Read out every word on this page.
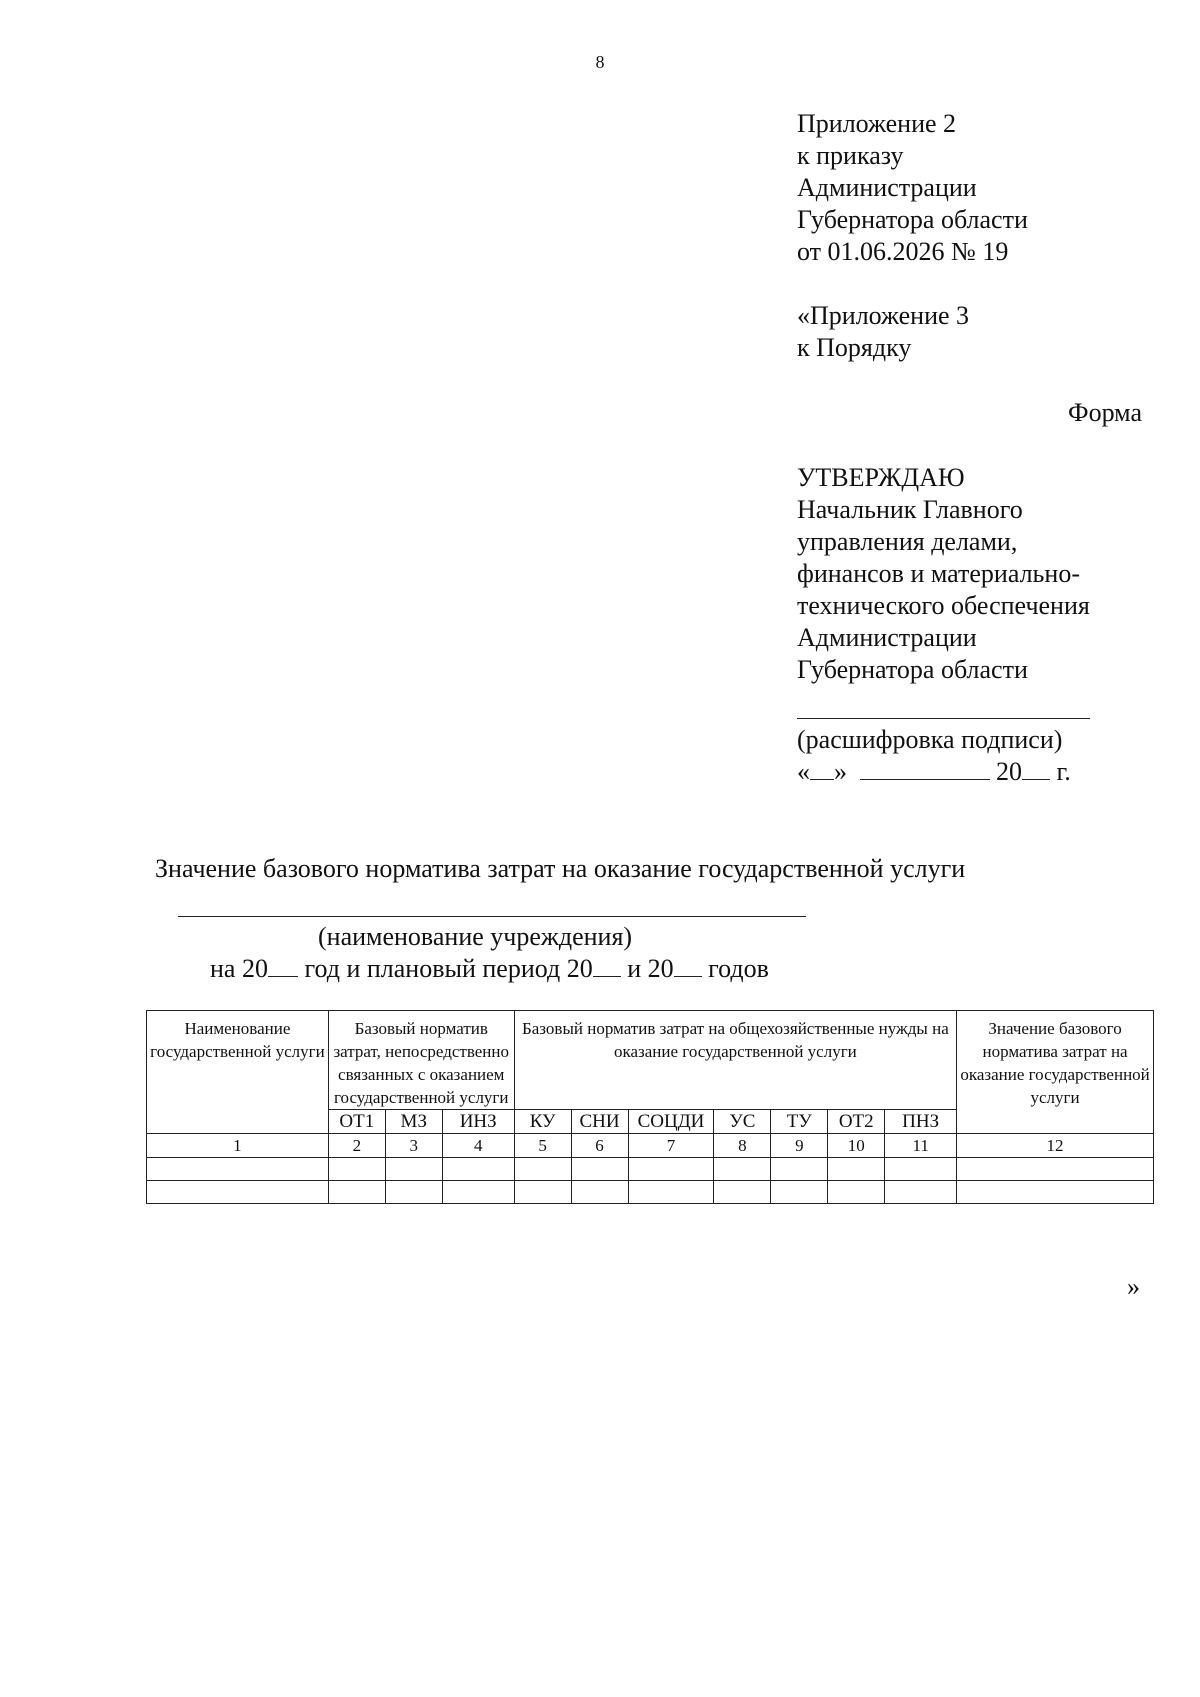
8
Приложение 2
к приказу
Администрации
Губернатора области
от 01.06.2026 № 19
«Приложение 3
к Порядку
Форма
УТВЕРЖДАЮ
Начальник Главного
управления делами,
финансов и материально-
технического обеспечения
Администрации
Губернатора области
(расшифровка подписи)
« »	20 г.
Значение базового норматива затрат на оказание государственной услуги
(наименование учреждения)
на 20 год и плановый период 20 и 20 годов
Наименование государственной услуги	Базовый норматив затрат, непосредственно связанных с оказанием государственной услуги			Базовый норматив затрат на общехозяйственные нужды на оказание государственной услуги							Значение базового норматива затрат на оказание государственной услуги
	ОТ1	МЗ	ИНЗ	КУ	СНИ	СОЦДИ	УС	ТУ	ОТ2	ПНЗ	
1	2	3	4	5	6	7	8	9	10	11	12

»
